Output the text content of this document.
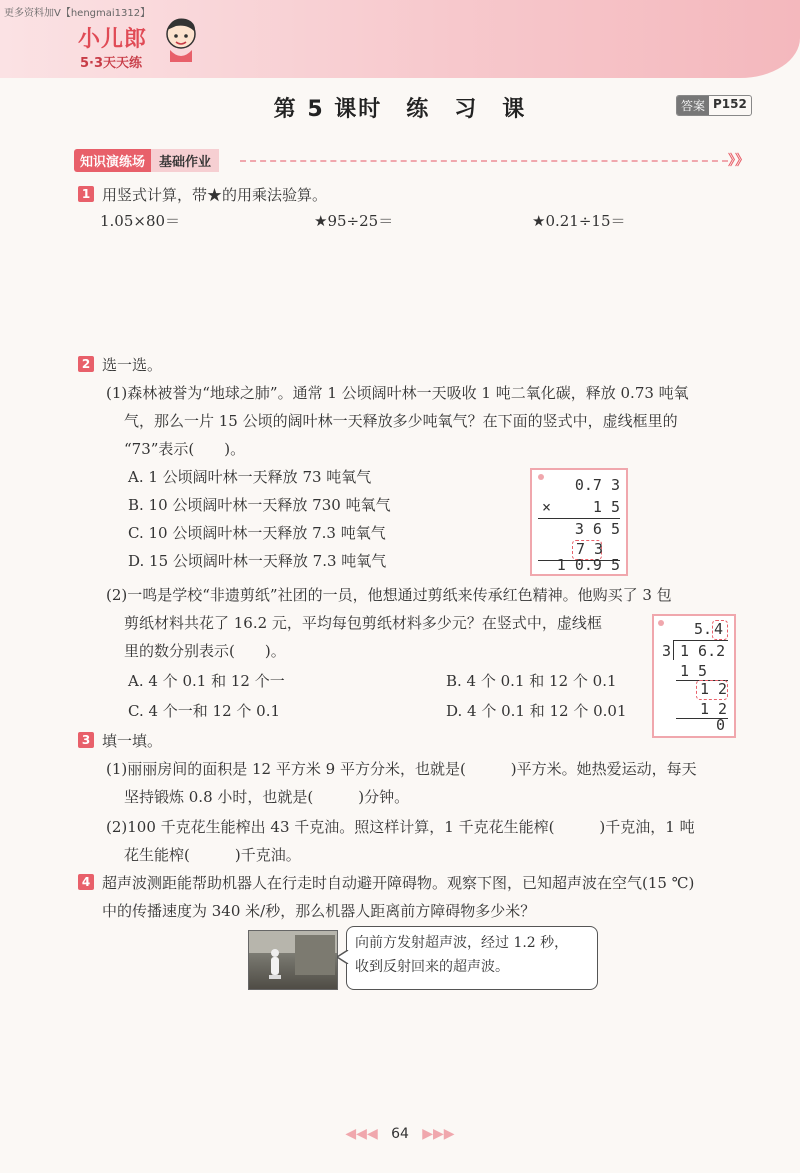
更多资料加V【hengmai1312】
小儿郎
5·3天天练
第 5 课时　练　习　课	答案 P152
知识演练场	基础作业	》》
1 用竖式计算，带★的用乘法验算。
1.05×80＝	★95÷25＝	★0.21÷15＝
2 选一选。
(1)森林被誉为“地球之肺”。通常 1 公顷阔叶林一天吸收 1 吨二氧化碳，释放 0.73 吨氧
气，那么一片 15 公顷的阔叶林一天释放多少吨氧气？在下面的竖式中，虚线框里的
“73”表示(　　)。
A. 1 公顷阔叶林一天释放 73 吨氧气
B. 10 公顷阔叶林一天释放 730 吨氧气
C. 10 公顷阔叶林一天释放 7.3 吨氧气
D. 15 公顷阔叶林一天释放 7.3 吨氧气
0.7 3
×	1 5
3 6 5
7 3
1 0.9 5
(2)一鸣是学校“非遗剪纸”社团的一员，他想通过剪纸来传承红色精神。他购买了 3 包
剪纸材料共花了 16.2 元，平均每包剪纸材料多少元？在竖式中，虚线框
里的数分别表示(　　)。
A. 4 个 0.1 和 12 个一	B. 4 个 0.1 和 12 个 0.1
C. 4 个一和 12 个 0.1	D. 4 个 0.1 和 12 个 0.01
5. 4
3 1 6.2
1 5
1 2
1 2
0
3 填一填。
(1)丽丽房间的面积是 12 平方米 9 平方分米，也就是(　　　)平方米。她热爱运动，每天
坚持锻炼 0.8 小时，也就是(　　　)分钟。
(2)100 千克花生能榨出 43 千克油。照这样计算，1 千克花生能榨(　　　)千克油，1 吨
花生能榨(　　　)千克油。
4 超声波测距能帮助机器人在行走时自动避开障碍物。观察下图，已知超声波在空气(15 ℃)
中的传播速度为 340 米/秒，那么机器人距离前方障碍物多少米？
向前方发射超声波，经过 1.2 秒，
收到反射回来的超声波。
◀◀◀ 64 ▶▶▶
